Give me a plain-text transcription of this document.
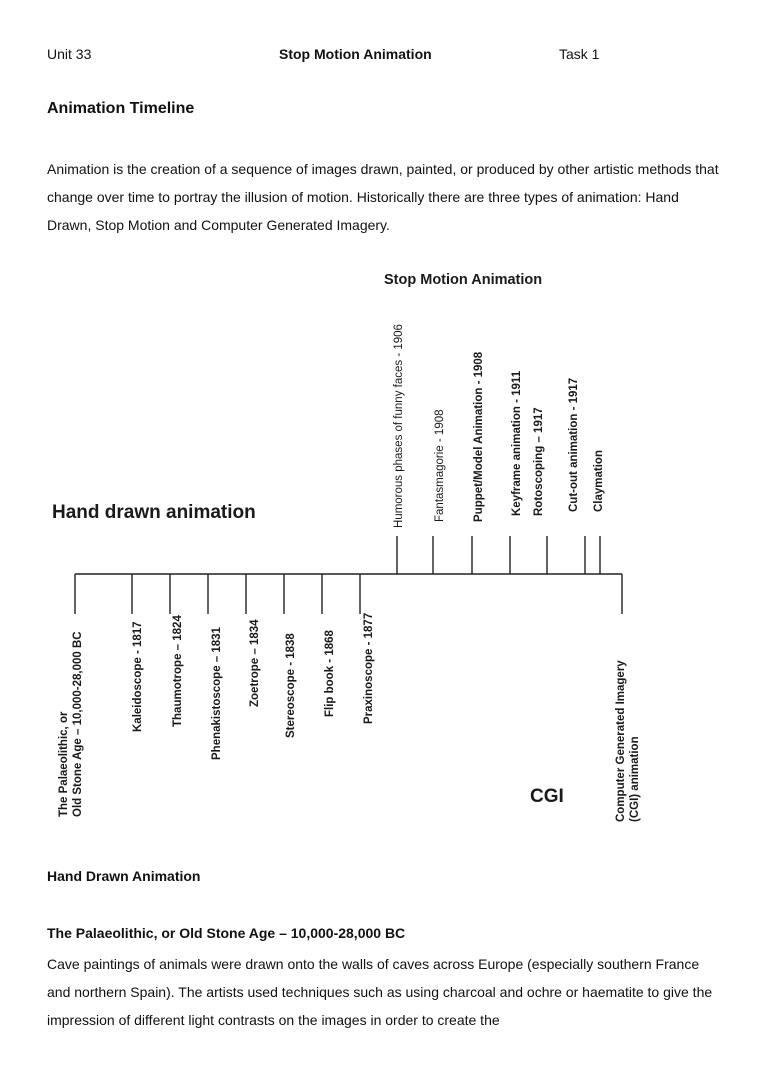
Unit 33	Stop Motion Animation	Task 1
Animation Timeline

Animation is the creation of a sequence of images drawn, painted, or produced by other artistic methods that change over time to portray the illusion of motion. Historically there are three types of animation: Hand Drawn, Stop Motion and Computer Generated Imagery.

Stop Motion Animation
Hand drawn animation
CGI
Humorous phases of funny faces - 1906	Fantasmagorie - 1908 Puppet/Model Animation - 1908 Keyframe animation - 1911 Rotoscoping – 1917 Cut-out animation - 1917 Claymation
The Palaeolithic, or Old Stone Age – 10,000-28,000 BC	Kaleidoscope - 1817 Thaumotrope – 1824 Phenakistoscope – 1831 Zoetrope – 1834 Stereoscope - 1838 Flip book - 1868 Praxinoscope - 1877	Computer Generated Imagery (CGI) animation
Hand Drawn Animation
The Palaeolithic, or Old Stone Age – 10,000-28,000 BC

Cave paintings of animals were drawn onto the walls of caves across Europe (especially southern France and northern Spain). The artists used techniques such as using charcoal and ochre or haematite to give the impression of different light contrasts on the images in order to create the
